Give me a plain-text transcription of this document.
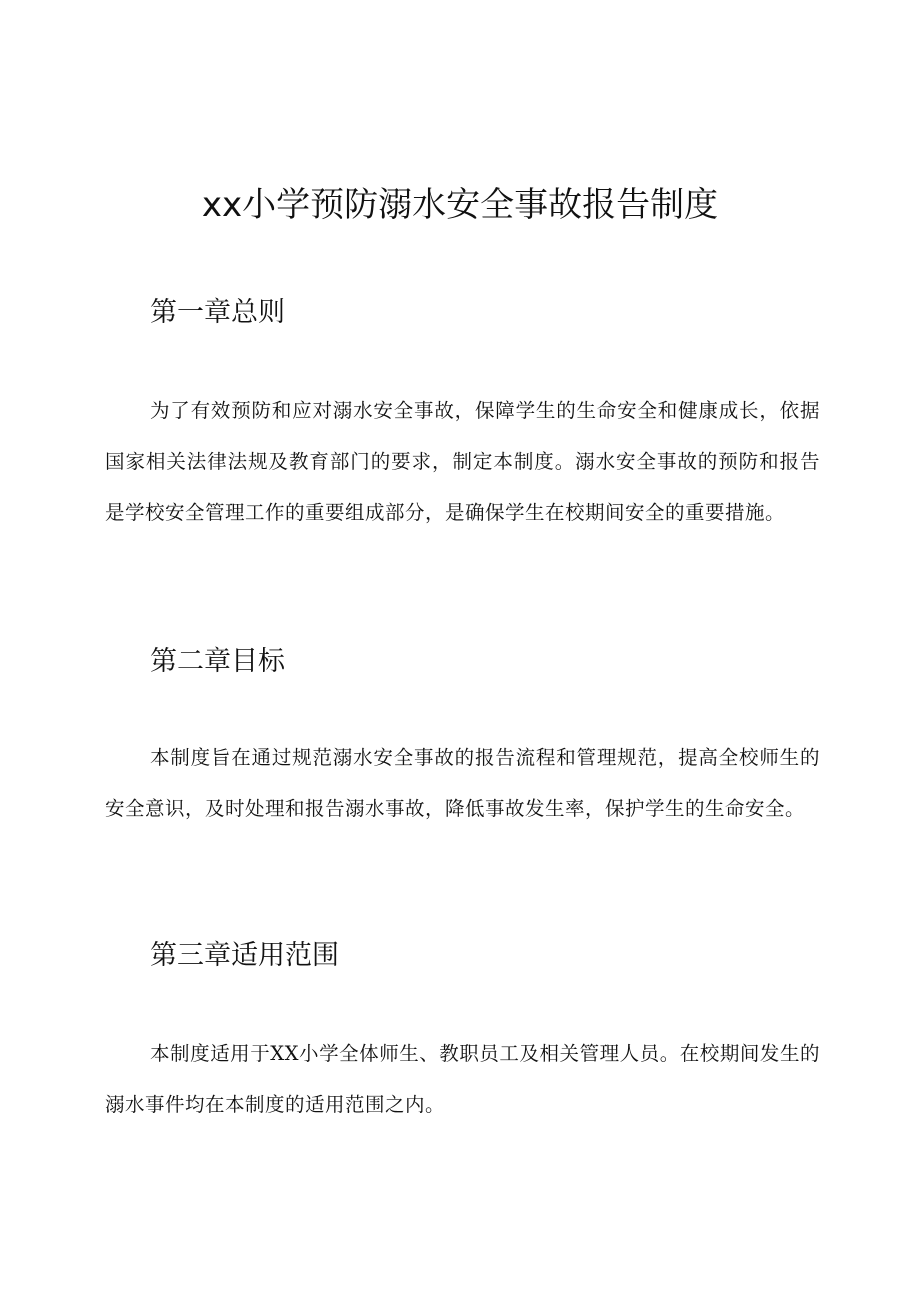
xx小学预防溺水安全事故报告制度
第一章总则

为了有效预防和应对溺水安全事故，保障学生的生命安全和健康成长，依据国家相关法律法规及教育部门的要求，制定本制度。溺水安全事故的预防和报告是学校安全管理工作的重要组成部分，是确保学生在校期间安全的重要措施。

第二章目标

本制度旨在通过规范溺水安全事故的报告流程和管理规范，提高全校师生的安全意识，及时处理和报告溺水事故，降低事故发生率，保护学生的生命安全。

第三章适用范围

本制度适用于XX小学全体师生、教职员工及相关管理人员。在校期间发生的溺水事件均在本制度的适用范围之内。
